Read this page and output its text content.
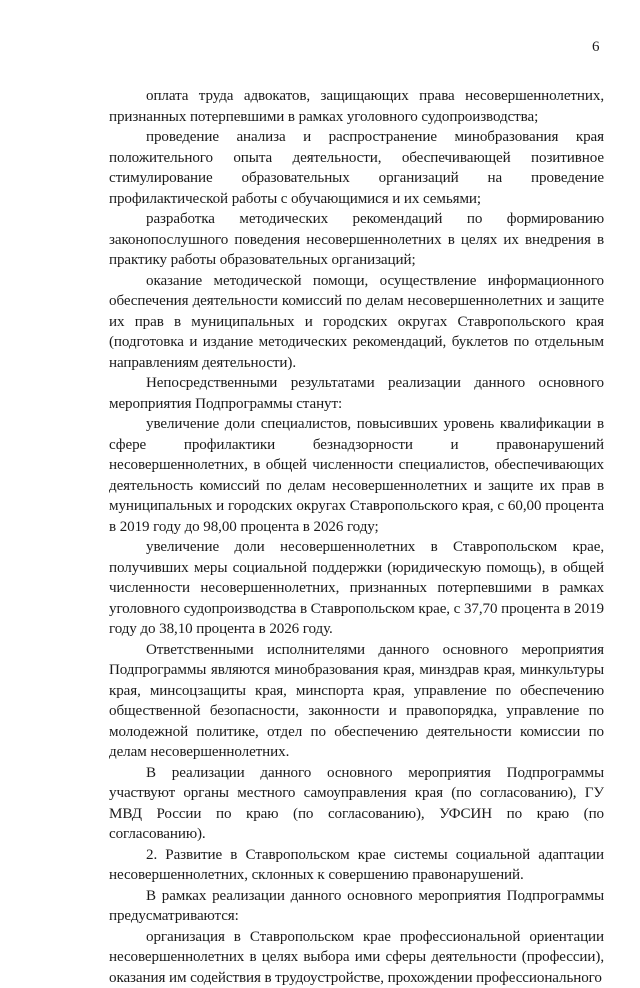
6

оплата труда адвокатов, защищающих права несовершеннолетних, признанных потерпевшими в рамках уголовного судопроизводства;

проведение анализа и распространение минобразования края положительного опыта деятельности, обеспечивающей позитивное стимулирование образовательных организаций на проведение профилактической работы с обучающимися и их семьями;

разработка методических рекомендаций по формированию законопослушного поведения несовершеннолетних в целях их внедрения в практику работы образовательных организаций;

оказание методической помощи, осуществление информационного обеспечения деятельности комиссий по делам несовершеннолетних и защите их прав в муниципальных и городских округах Ставропольского края (подготовка и издание методических рекомендаций, буклетов по отдельным направлениям деятельности).

Непосредственными результатами реализации данного основного мероприятия Подпрограммы станут:

увеличение доли специалистов, повысивших уровень квалификации в сфере профилактики безнадзорности и правонарушений несовершеннолетних, в общей численности специалистов, обеспечивающих деятельность комиссий по делам несовершеннолетних и защите их прав в муниципальных и городских округах Ставропольского края, с 60,00 процента в 2019 году до 98,00 процента в 2026 году;

увеличение доли несовершеннолетних в Ставропольском крае, получивших меры социальной поддержки (юридическую помощь), в общей численности несовершеннолетних, признанных потерпевшими в рамках уголовного судопроизводства в Ставропольском крае, с 37,70 процента в 2019 году до 38,10 процента в 2026 году.

Ответственными исполнителями данного основного мероприятия Подпрограммы являются минобразования края, минздрав края, минкультуры края, минсоцзащиты края, минспорта края, управление по обеспечению общественной безопасности, законности и правопорядка, управление по молодежной политике, отдел по обеспечению деятельности комиссии по делам несовершеннолетних.

В реализации данного основного мероприятия Подпрограммы участвуют органы местного самоуправления края (по согласованию), ГУ МВД России по краю (по согласованию), УФСИН по краю (по согласованию).

2. Развитие в Ставропольском крае системы социальной адаптации несовершеннолетних, склонных к совершению правонарушений.

В рамках реализации данного основного мероприятия Подпрограммы предусматриваются:

организация в Ставропольском крае профессиональной ориентации несовершеннолетних в целях выбора ими сферы деятельности (профессии), оказания им содействия в трудоустройстве, прохождении профессионального
